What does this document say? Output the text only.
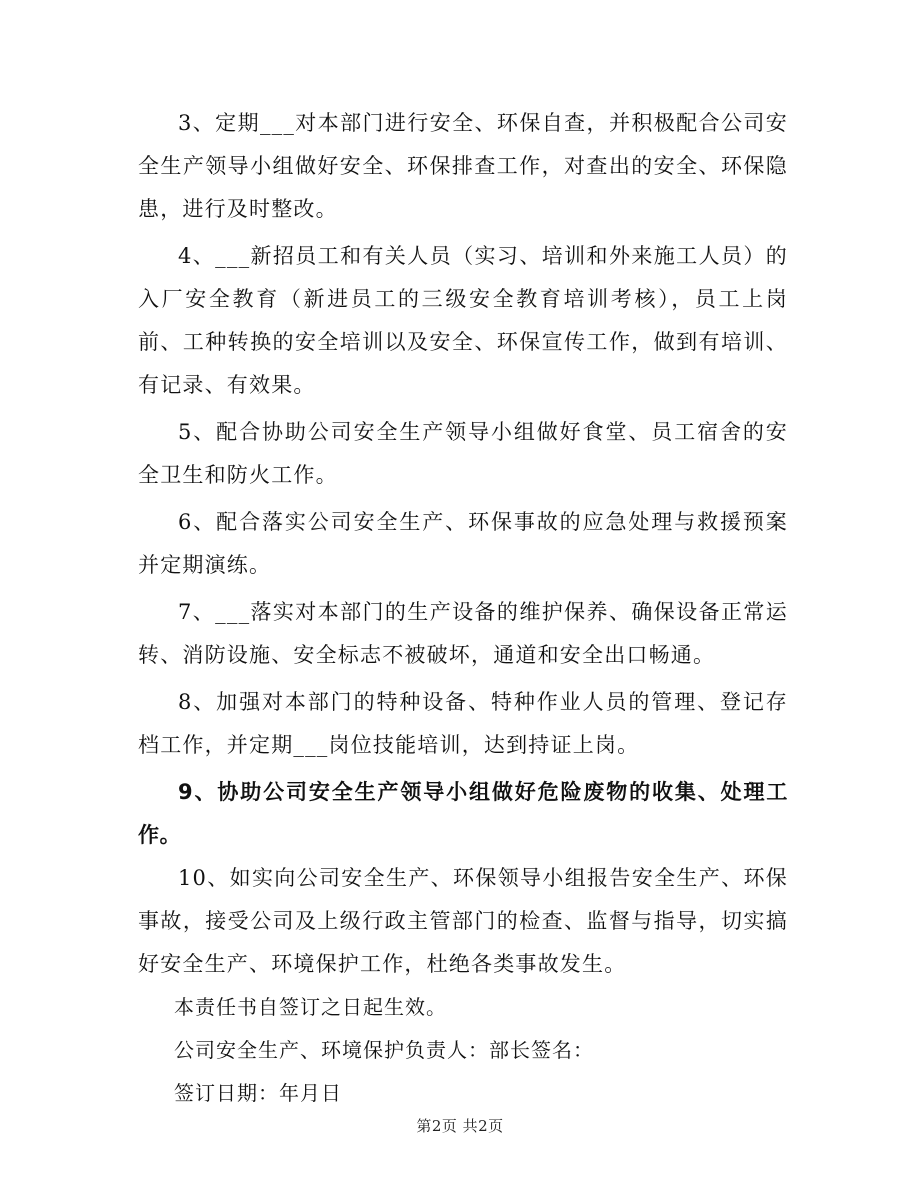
3、定期___对本部门进行安全、环保自查，并积极配合公司安全生产领导小组做好安全、环保排查工作，对查出的安全、环保隐患，进行及时整改。

4、___新招员工和有关人员（实习、培训和外来施工人员）的入厂安全教育（新进员工的三级安全教育培训考核），员工上岗前、工种转换的安全培训以及安全、环保宣传工作，做到有培训、有记录、有效果。

5、配合协助公司安全生产领导小组做好食堂、员工宿舍的安全卫生和防火工作。

6、配合落实公司安全生产、环保事故的应急处理与救援预案并定期演练。

7、___落实对本部门的生产设备的维护保养、确保设备正常运转、消防设施、安全标志不被破坏，通道和安全出口畅通。

8、加强对本部门的特种设备、特种作业人员的管理、登记存档工作，并定期___岗位技能培训，达到持证上岗。

9、协助公司安全生产领导小组做好危险废物的收集、处理工作。

10、如实向公司安全生产、环保领导小组报告安全生产、环保事故，接受公司及上级行政主管部门的检查、监督与指导，切实搞好安全生产、环境保护工作，杜绝各类事故发生。

本责任书自签订之日起生效。

公司安全生产、环境保护负责人：部长签名：

签订日期：年月日

第2页 共2页
